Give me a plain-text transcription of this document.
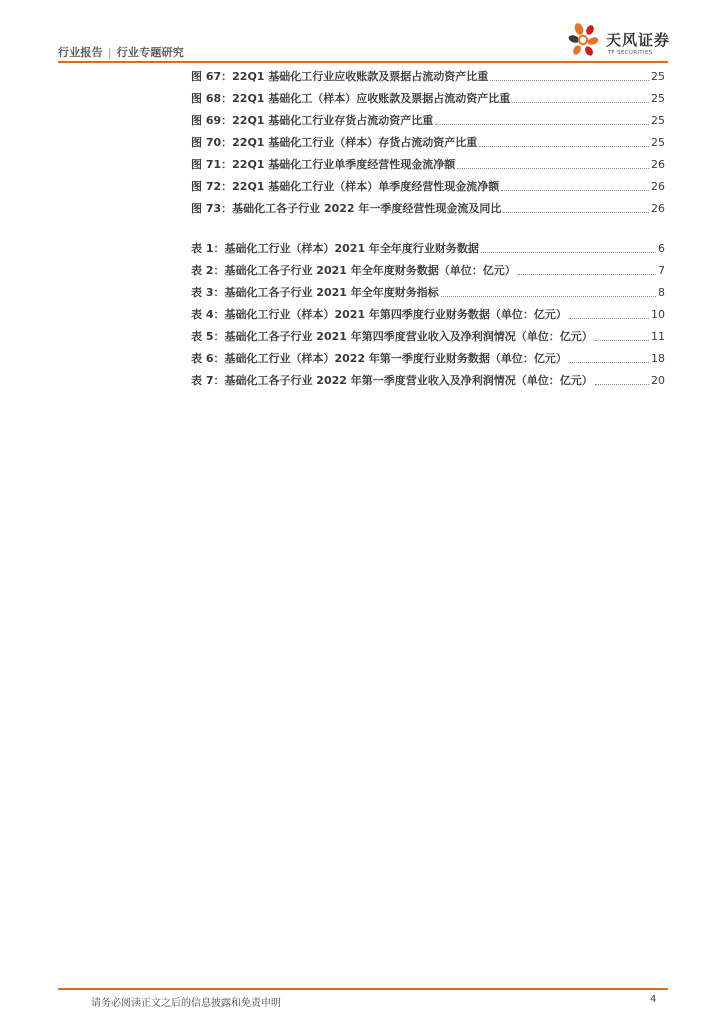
行业报告 | 行业专题研究
天风证券
TF SECURITIES
图 67：22Q1 基础化工行业应收账款及票据占流动资产比重	25
图 68：22Q1 基础化工（样本）应收账款及票据占流动资产比重	25
图 69：22Q1 基础化工行业存货占流动资产比重	25
图 70：22Q1 基础化工行业（样本）存货占流动资产比重	25
图 71：22Q1 基础化工行业单季度经营性现金流净额	26
图 72：22Q1 基础化工行业（样本）单季度经营性现金流净额	26
图 73：基础化工各子行业 2022 年一季度经营性现金流及同比	26
表 1：基础化工行业（样本）2021 年全年度行业财务数据	6
表 2：基础化工各子行业 2021 年全年度财务数据（单位：亿元）	7
表 3：基础化工各子行业 2021 年全年度财务指标	8
表 4：基础化工行业（样本）2021 年第四季度行业财务数据（单位：亿元）	10
表 5：基础化工各子行业 2021 年第四季度营业收入及净利润情况（单位：亿元）	11
表 6：基础化工行业（样本）2022 年第一季度行业财务数据（单位：亿元）	18
表 7：基础化工各子行业 2022 年第一季度营业收入及净利润情况（单位：亿元）	20
请务必阅读正文之后的信息披露和免责申明	4
